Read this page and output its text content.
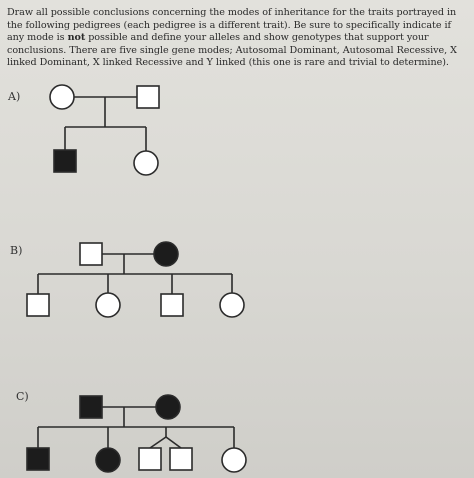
Draw all possible conclusions concerning the modes of inheritance for the traits portrayed in the following pedigrees (each pedigree is a different trait). Be sure to specifically indicate if any mode is not possible and define your alleles and show genotypes that support your conclusions. There are five single gene modes; Autosomal Dominant, Autosomal Recessive, X linked Dominant, X linked Recessive and Y linked (this one is rare and trivial to determine).
A)
B)
C)
